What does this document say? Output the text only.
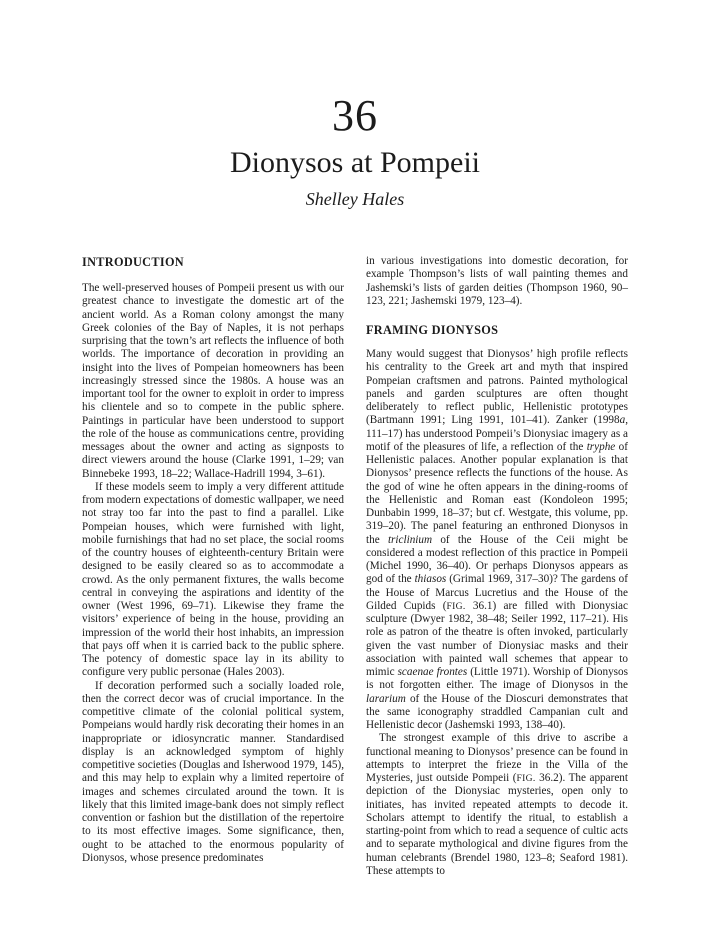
36
Dionysos at Pompeii
Shelley Hales
INTRODUCTION

The well-preserved houses of Pompeii present us with our greatest chance to investigate the domestic art of the ancient world. As a Roman colony amongst the many Greek colonies of the Bay of Naples, it is not perhaps surprising that the town’s art reflects the influence of both worlds. The importance of decoration in providing an insight into the lives of Pompeian homeowners has been increasingly stressed since the 1980s. A house was an important tool for the owner to exploit in order to impress his clientele and so to compete in the public sphere. Paintings in particular have been understood to support the role of the house as communications centre, providing messages about the owner and acting as signposts to direct viewers around the house (Clarke 1991, 1–29; van Binnebeke 1993, 18–22; Wallace-Hadrill 1994, 3–61).

If these models seem to imply a very different attitude from modern expectations of domestic wallpaper, we need not stray too far into the past to find a parallel. Like Pompeian houses, which were furnished with light, mobile furnishings that had no set place, the social rooms of the country houses of eighteenth-century Britain were designed to be easily cleared so as to accommodate a crowd. As the only permanent fixtures, the walls become central in conveying the aspirations and identity of the owner (West 1996, 69–71). Likewise they frame the visitors’ experience of being in the house, providing an impression of the world their host inhabits, an impression that pays off when it is carried back to the public sphere. The potency of domestic space lay in its ability to configure very public personae (Hales 2003).

If decoration performed such a socially loaded role, then the correct decor was of crucial importance. In the competitive climate of the colonial political system, Pompeians would hardly risk decorating their homes in an inappropriate or idiosyncratic manner. Standardised display is an acknowledged symptom of highly competitive societies (Douglas and Isherwood 1979, 145), and this may help to explain why a limited repertoire of images and schemes circulated around the town. It is likely that this limited image-bank does not simply reflect convention or fashion but the distillation of the repertoire to its most effective images. Some significance, then, ought to be attached to the enormous popularity of Dionysos, whose presence predominates

in various investigations into domestic decoration, for example Thompson’s lists of wall painting themes and Jashemski’s lists of garden deities (Thompson 1960, 90–123, 221; Jashemski 1979, 123–4).

FRAMING DIONYSOS

Many would suggest that Dionysos’ high profile reflects his centrality to the Greek art and myth that inspired Pompeian craftsmen and patrons. Painted mythological panels and garden sculptures are often thought deliberately to reflect public, Hellenistic prototypes (Bartmann 1991; Ling 1991, 101–41). Zanker (1998a, 111–17) has understood Pompeii’s Dionysiac imagery as a motif of the pleasures of life, a reflection of the tryphe of Hellenistic palaces. Another popular explanation is that Dionysos’ presence reflects the functions of the house. As the god of wine he often appears in the dining-rooms of the Hellenistic and Roman east (Kondoleon 1995; Dunbabin 1999, 18–37; but cf. Westgate, this volume, pp. 319–20). The panel featuring an enthroned Dionysos in the triclinium of the House of the Ceii might be considered a modest reflection of this practice in Pompeii (Michel 1990, 36–40). Or perhaps Dionysos appears as god of the thiasos (Grimal 1969, 317–30)? The gardens of the House of Marcus Lucretius and the House of the Gilded Cupids (FIG. 36.1) are filled with Dionysiac sculpture (Dwyer 1982, 38–48; Seiler 1992, 117–21). His role as patron of the theatre is often invoked, particularly given the vast number of Dionysiac masks and their association with painted wall schemes that appear to mimic scaenae frontes (Little 1971). Worship of Dionysos is not forgotten either. The image of Dionysos in the lararium of the House of the Dioscuri demonstrates that the same iconography straddled Campanian cult and Hellenistic decor (Jashemski 1993, 138–40).

The strongest example of this drive to ascribe a functional meaning to Dionysos’ presence can be found in attempts to interpret the frieze in the Villa of the Mysteries, just outside Pompeii (FIG. 36.2). The apparent depiction of the Dionysiac mysteries, open only to initiates, has invited repeated attempts to decode it. Scholars attempt to identify the ritual, to establish a starting-point from which to read a sequence of cultic acts and to separate mythological and divine figures from the human celebrants (Brendel 1980, 123–8; Seaford 1981). These attempts to
